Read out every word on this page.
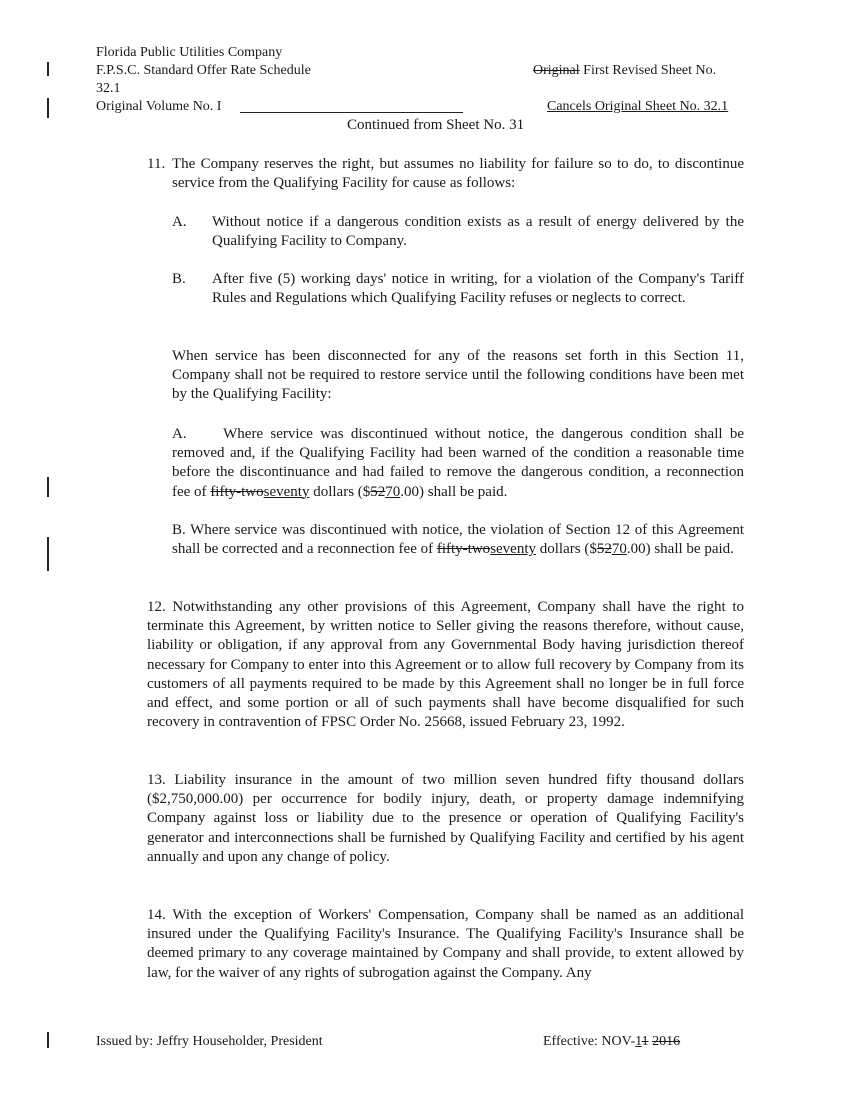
Florida Public Utilities Company
F.P.S.C. Standard Offer Rate Schedule	Original First Revised Sheet No.
32.1
Original Volume No. I	Cancels Original Sheet No. 32.1
Continued from Sheet No. 31
11. The Company reserves the right, but assumes no liability for failure so to do, to discontinue service from the Qualifying Facility for cause as follows:
A. Without notice if a dangerous condition exists as a result of energy delivered by the Qualifying Facility to Company.
B. After five (5) working days' notice in writing, for a violation of the Company's Tariff Rules and Regulations which Qualifying Facility refuses or neglects to correct.
When service has been disconnected for any of the reasons set forth in this Section 11, Company shall not be required to restore service until the following conditions have been met by the Qualifying Facility:
A. Where service was discontinued without notice, the dangerous condition shall be removed and, if the Qualifying Facility had been warned of the condition a reasonable time before the discontinuance and had failed to remove the dangerous condition, a reconnection fee of fifty-twoseventy dollars ($5270.00) shall be paid.
B. Where service was discontinued with notice, the violation of Section 12 of this Agreement shall be corrected and a reconnection fee of fifty-twoseventy dollars ($5270.00) shall be paid.
12. Notwithstanding any other provisions of this Agreement, Company shall have the right to terminate this Agreement, by written notice to Seller giving the reasons therefore, without cause, liability or obligation, if any approval from any Governmental Body having jurisdiction thereof necessary for Company to enter into this Agreement or to allow full recovery by Company from its customers of all payments required to be made by this Agreement shall no longer be in full force and effect, and some portion or all of such payments shall have become disqualified for such recovery in contravention of FPSC Order No. 25668, issued February 23, 1992.
13. Liability insurance in the amount of two million seven hundred fifty thousand dollars ($2,750,000.00) per occurrence for bodily injury, death, or property damage indemnifying Company against loss or liability due to the presence or operation of Qualifying Facility's generator and interconnections shall be furnished by Qualifying Facility and certified by his agent annually and upon any change of policy.
14. With the exception of Workers' Compensation, Company shall be named as an additional insured under the Qualifying Facility's Insurance. The Qualifying Facility's Insurance shall be deemed primary to any coverage maintained by Company and shall provide, to extent allowed by law, for the waiver of any rights of subrogation against the Company. Any
Issued by: Jeffry Householder, President	Effective: NOV-11 2016
